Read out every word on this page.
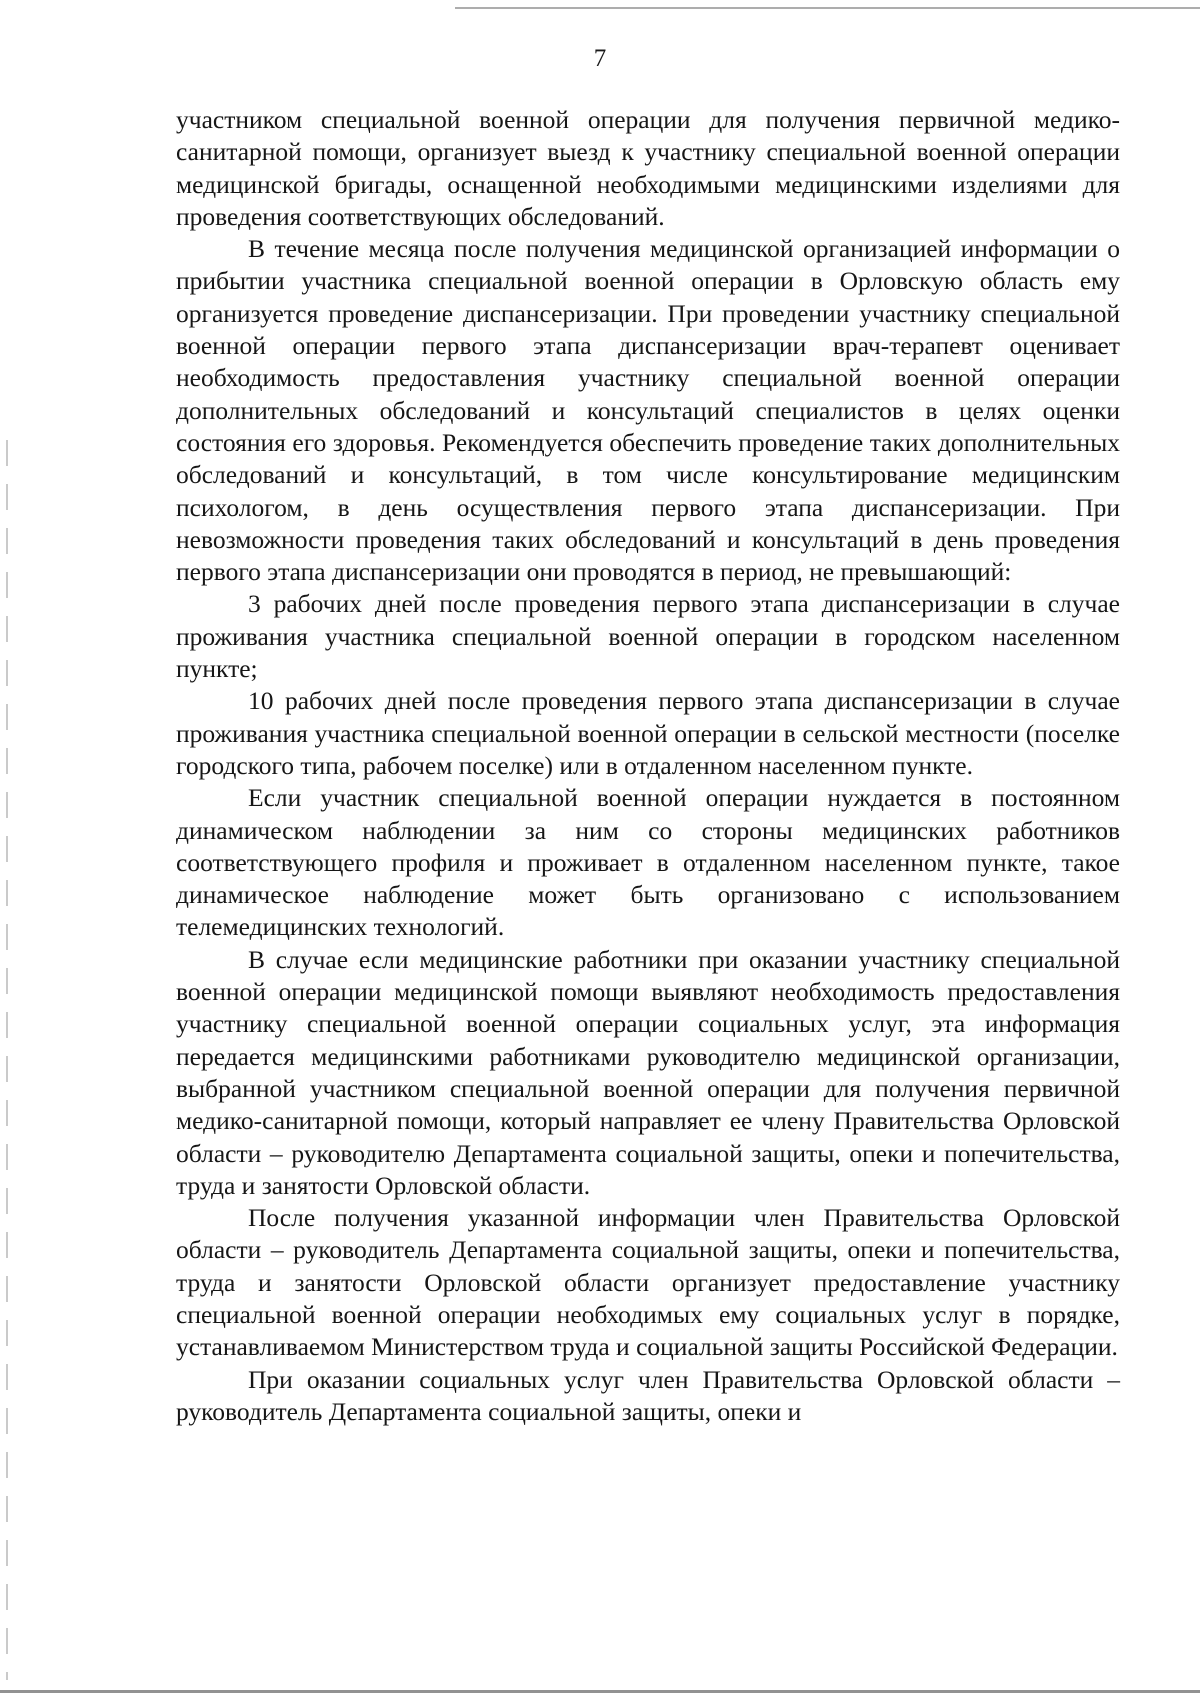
7

участником специальной военной операции для получения первичной медико-санитарной помощи, организует выезд к участнику специальной военной операции медицинской бригады, оснащенной необходимыми медицинскими изделиями для проведения соответствующих обследований.

В течение месяца после получения медицинской организацией информации о прибытии участника специальной военной операции в Орловскую область ему организуется проведение диспансеризации. При проведении участнику специальной военной операции первого этапа диспансеризации врач-терапевт оценивает необходимость предоставления участнику специальной военной операции дополнительных обследований и консультаций специалистов в целях оценки состояния его здоровья. Рекомендуется обеспечить проведение таких дополнительных обследований и консультаций, в том числе консультирование медицинским психологом, в день осуществления первого этапа диспансеризации. При невозможности проведения таких обследований и консультаций в день проведения первого этапа диспансеризации они проводятся в период, не превышающий:

3 рабочих дней после проведения первого этапа диспансеризации в случае проживания участника специальной военной операции в городском населенном пункте;

10 рабочих дней после проведения первого этапа диспансеризации в случае проживания участника специальной военной операции в сельской местности (поселке городского типа, рабочем поселке) или в отдаленном населенном пункте.

Если участник специальной военной операции нуждается в постоянном динамическом наблюдении за ним со стороны медицинских работников соответствующего профиля и проживает в отдаленном населенном пункте, такое динамическое наблюдение может быть организовано с использованием телемедицинских технологий.

В случае если медицинские работники при оказании участнику специальной военной операции медицинской помощи выявляют необходимость предоставления участнику специальной военной операции социальных услуг, эта информация передается медицинскими работниками руководителю медицинской организации, выбранной участником специальной военной операции для получения первичной медико-санитарной помощи, который направляет ее члену Правительства Орловской области – руководителю Департамента социальной защиты, опеки и попечительства, труда и занятости Орловской области.

После получения указанной информации член Правительства Орловской области – руководитель Департамента социальной защиты, опеки и попечительства, труда и занятости Орловской области организует предоставление участнику специальной военной операции необходимых ему социальных услуг в порядке, устанавливаемом Министерством труда и социальной защиты Российской Федерации.

При оказании социальных услуг член Правительства Орловской области – руководитель Департамента социальной защиты, опеки и
